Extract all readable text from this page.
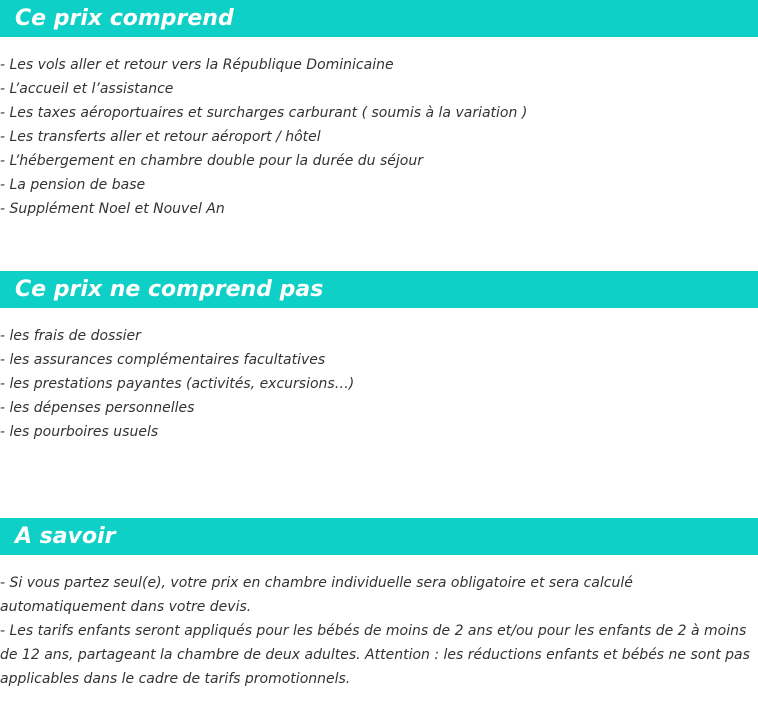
Ce prix comprend
- Les vols aller et retour vers la République Dominicaine
- L’accueil et l’assistance
- Les taxes aéroportuaires et surcharges carburant ( soumis à la variation )
- Les transferts aller et retour aéroport / hôtel
- L’hébergement en chambre double pour la durée du séjour
- La pension de base
- Supplément Noel et Nouvel An
Ce prix ne comprend pas
- les frais de dossier
- les assurances complémentaires facultatives
- les prestations payantes (activités, excursions…)
- les dépenses personnelles
- les pourboires usuels
A savoir

- Si vous partez seul(e), votre prix en chambre individuelle sera obligatoire et sera calculé automatiquement dans votre devis.

- Les tarifs enfants seront appliqués pour les bébés de moins de 2 ans et/ou pour les enfants de 2 à moins de 12 ans, partageant la chambre de deux adultes. Attention : les réductions enfants et bébés ne sont pas applicables dans le cadre de tarifs promotionnels.
